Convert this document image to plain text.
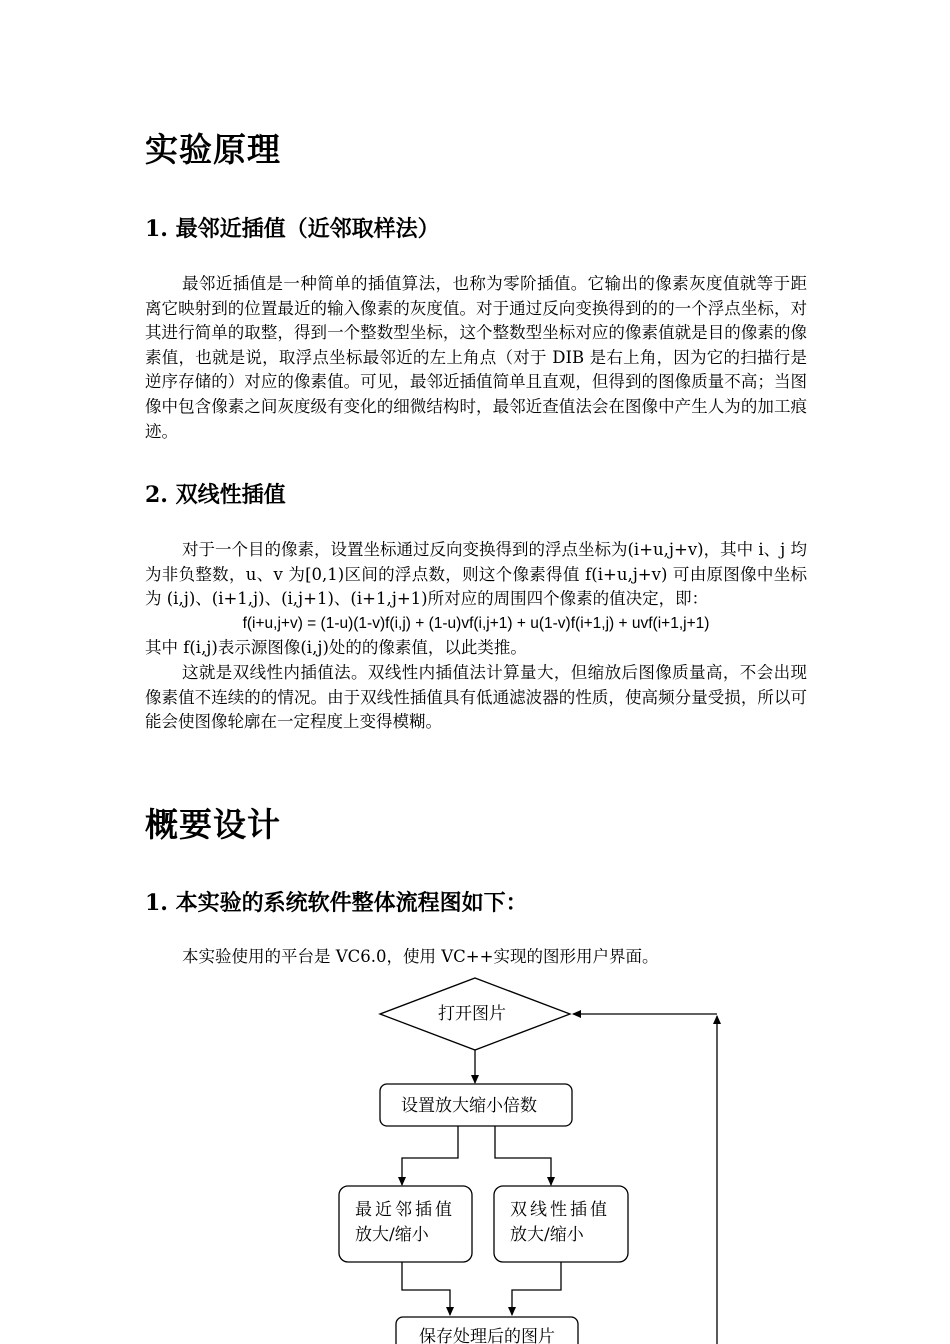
实验原理
1. 最邻近插值（近邻取样法）

最邻近插值是一种简单的插值算法，也称为零阶插值。它输出的像素灰度值就等于距离它映射到的位置最近的输入像素的灰度值。对于通过反向变换得到的的一个浮点坐标，对其进行简单的取整，得到一个整数型坐标，这个整数型坐标对应的像素值就是目的像素的像素值，也就是说，取浮点坐标最邻近的左上角点（对于 DIB 是右上角，因为它的扫描行是逆序存储的）对应的像素值。可见，最邻近插值简单且直观，但得到的图像质量不高；当图像中包含像素之间灰度级有变化的细微结构时，最邻近查值法会在图像中产生人为的加工痕迹。

2. 双线性插值

对于一个目的像素，设置坐标通过反向变换得到的浮点坐标为(i+u,j+v)，其中 i、j 均为非负整数，u、v 为[0,1)区间的浮点数，则这个像素得值 f(i+u,j+v) 可由原图像中坐标为 (i,j)、(i+1,j)、(i,j+1)、(i+1,j+1)所对应的周围四个像素的值决定，即：

f(i+u,j+v) = (1-u)(1-v)f(i,j) + (1-u)vf(i,j+1) + u(1-v)f(i+1,j) + uvf(i+1,j+1)

其中 f(i,j)表示源图像(i,j)处的的像素值，以此类推。

这就是双线性内插值法。双线性内插值法计算量大，但缩放后图像质量高，不会出现像素值不连续的的情况。由于双线性插值具有低通滤波器的性质，使高频分量受损，所以可能会使图像轮廓在一定程度上变得模糊。

概要设计
1. 本实验的系统软件整体流程图如下：

本实验使用的平台是 VC6.0，使用 VC++实现的图形用户界面。

打开图片
设置放大缩小倍数
最近邻插值
放大/缩小
双线性插值
放大/缩小
保存处理后的图片
